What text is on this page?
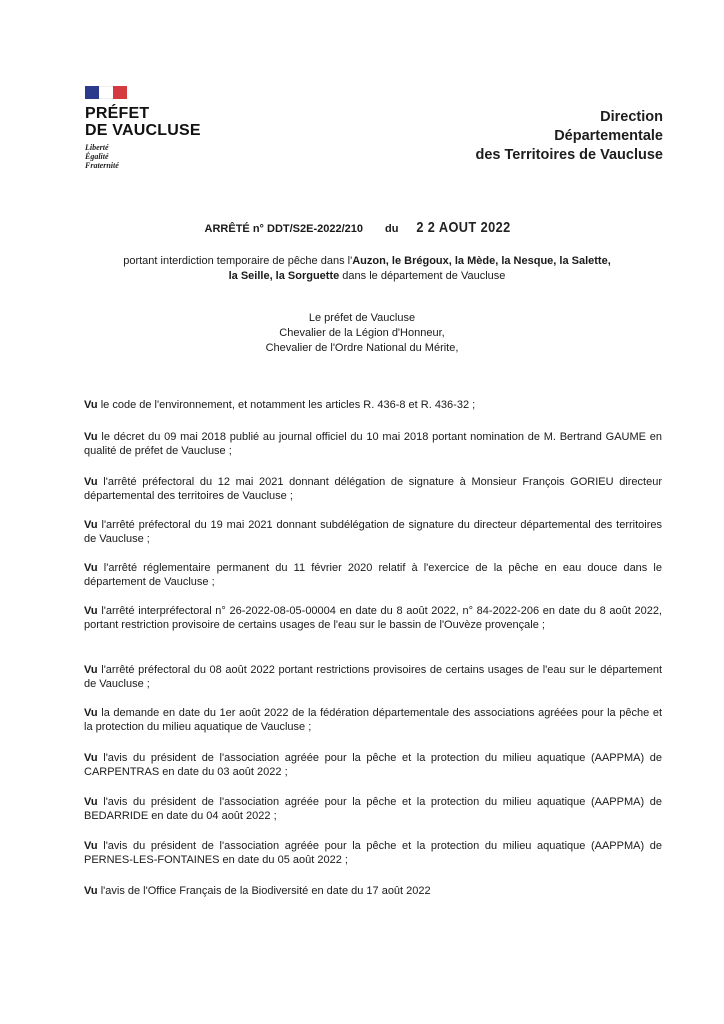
PRÉFET
DE VAUCLUSE
Liberté
Égalité
Fraternité
Direction
Départementale
des Territoires de Vaucluse
ARRÊTÉ n° DDT/S2E-2022/210 du 2 2 AOUT 2022
portant interdiction temporaire de pêche dans l'Auzon, le Brégoux, la Mède, la Nesque, la Salette,
la Seille, la Sorguette dans le département de Vaucluse
Le préfet de Vaucluse
Chevalier de la Légion d'Honneur,
Chevalier de l'Ordre National du Mérite,

Vu le code de l'environnement, et notamment les articles R. 436-8 et R. 436-32 ;

Vu le décret du 09 mai 2018 publié au journal officiel du 10 mai 2018 portant nomination de M. Bertrand GAUME en qualité de préfet de Vaucluse ;

Vu l'arrêté préfectoral du 12 mai 2021 donnant délégation de signature à Monsieur François GORIEU directeur départemental des territoires de Vaucluse ;

Vu l'arrêté préfectoral du 19 mai 2021 donnant subdélégation de signature du directeur départemental des territoires de Vaucluse ;

Vu l'arrêté réglementaire permanent du 11 février 2020 relatif à l'exercice de la pêche en eau douce dans le département de Vaucluse ;

Vu l'arrêté interpréfectoral n° 26-2022-08-05-00004 en date du 8 août 2022, n° 84-2022-206 en date du 8 août 2022, portant restriction provisoire de certains usages de l'eau sur le bassin de l'Ouvèze provençale ;

Vu l'arrêté préfectoral du 08 août 2022 portant restrictions provisoires de certains usages de l'eau sur le département de Vaucluse ;

Vu la demande en date du 1er août 2022 de la fédération départementale des associations agréées pour la pêche et la protection du milieu aquatique de Vaucluse ;

Vu l'avis du président de l'association agréée pour la pêche et la protection du milieu aquatique (AAPPMA) de CARPENTRAS en date du 03 août 2022 ;

Vu l'avis du président de l'association agréée pour la pêche et la protection du milieu aquatique (AAPPMA) de BEDARRIDE en date du 04 août 2022 ;

Vu l'avis du président de l'association agréée pour la pêche et la protection du milieu aquatique (AAPPMA) de PERNES-LES-FONTAINES en date du 05 août 2022 ;

Vu l'avis de l'Office Français de la Biodiversité en date du 17 août 2022
